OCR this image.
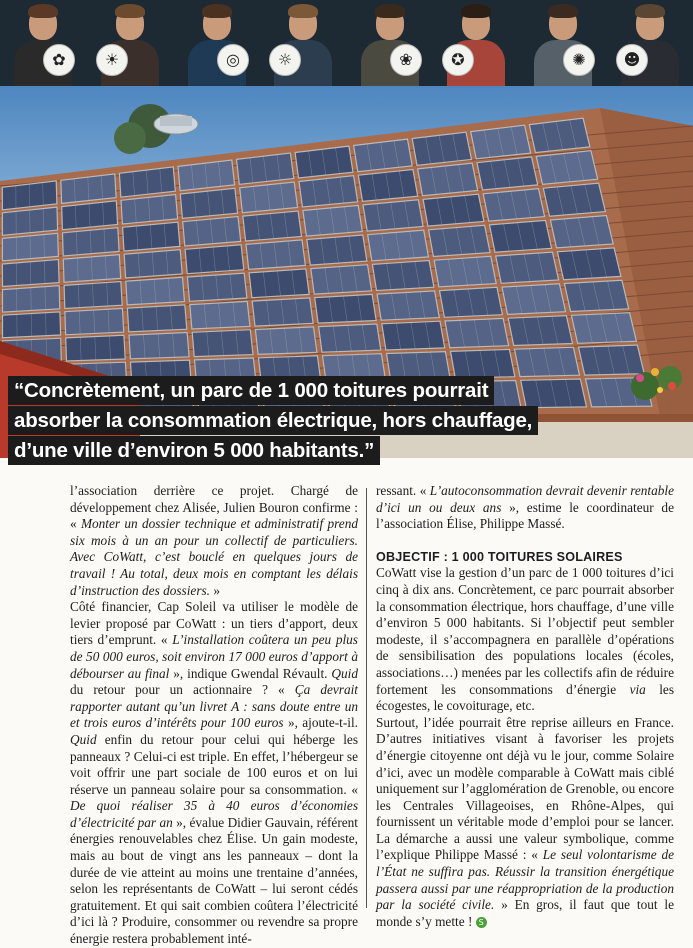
✿	☀	◎	☼	❀	✪	✺	☻
“Concrètement, un parc de 1 000 toitures pourrait
absorber la consommation électrique, hors chauffage,
d’une ville d’environ 5 000 habitants.”

l’association derrière ce projet. Chargé de développement chez Alisée, Julien Bouron confirme : « Monter un dossier technique et administratif prend six mois à un an pour un collectif de particuliers. Avec CoWatt, c’est bouclé en quelques jours de travail ! Au total, deux mois en comptant les délais d’instruction des dossiers. »

Côté financier, Cap Soleil va utiliser le modèle de levier proposé par CoWatt : un tiers d’apport, deux tiers d’emprunt. « L’installation coûtera un peu plus de 50 000 euros, soit environ 17 000 euros d’apport à débourser au final », indique Gwendal Révault. Quid du retour pour un actionnaire ? « Ça devrait rapporter autant qu’un livret A : sans doute entre un et trois euros d’intérêts pour 100 euros », ajoute-t-il. Quid enfin du retour pour celui qui héberge les panneaux ? Celui-ci est triple. En effet, l’hébergeur se voit offrir une part sociale de 100 euros et on lui réserve un panneau solaire pour sa consommation. « De quoi réaliser 35 à 40 euros d’économies d’électricité par an », évalue Didier Gauvain, référent énergies renouvelables chez Élise. Un gain modeste, mais au bout de vingt ans les panneaux – dont la durée de vie atteint au moins une trentaine d’années, selon les représentants de CoWatt – lui seront cédés gratuitement. Et qui sait combien coûtera l’électricité d’ici là ? Produire, consommer ou revendre sa propre énergie restera probablement inté-

ressant. « L’autoconsommation devrait devenir rentable d’ici un ou deux ans », estime le coordinateur de l’association Élise, Philippe Massé.

OBJECTIF : 1 000 TOITURES SOLAIRES

CoWatt vise la gestion d’un parc de 1 000 toitures d’ici cinq à dix ans. Concrètement, ce parc pourrait absorber la consommation électrique, hors chauffage, d’une ville d’environ 5 000 habitants. Si l’objectif peut sembler modeste, il s’accompagnera en parallèle d’opérations de sensibilisation des populations locales (écoles, associations…) menées par les collectifs afin de réduire fortement les consommations d’énergie via les écogestes, le covoiturage, etc.

Surtout, l’idée pourrait être reprise ailleurs en France. D’autres initiatives visant à favoriser les projets d’énergie citoyenne ont déjà vu le jour, comme Solaire d’ici, avec un modèle comparable à CoWatt mais ciblé uniquement sur l’agglomération de Grenoble, ou encore les Centrales Villageoises, en Rhône-Alpes, qui fournissent un véritable mode d’emploi pour se lancer. La démarche a aussi une valeur symbolique, comme l’explique Philippe Massé : « Le seul volontarisme de l’État ne suffira pas. Réussir la transition énergétique passera aussi par une réappropriation de la production par la société civile. » En gros, il faut que tout le monde s’y mette ! S
